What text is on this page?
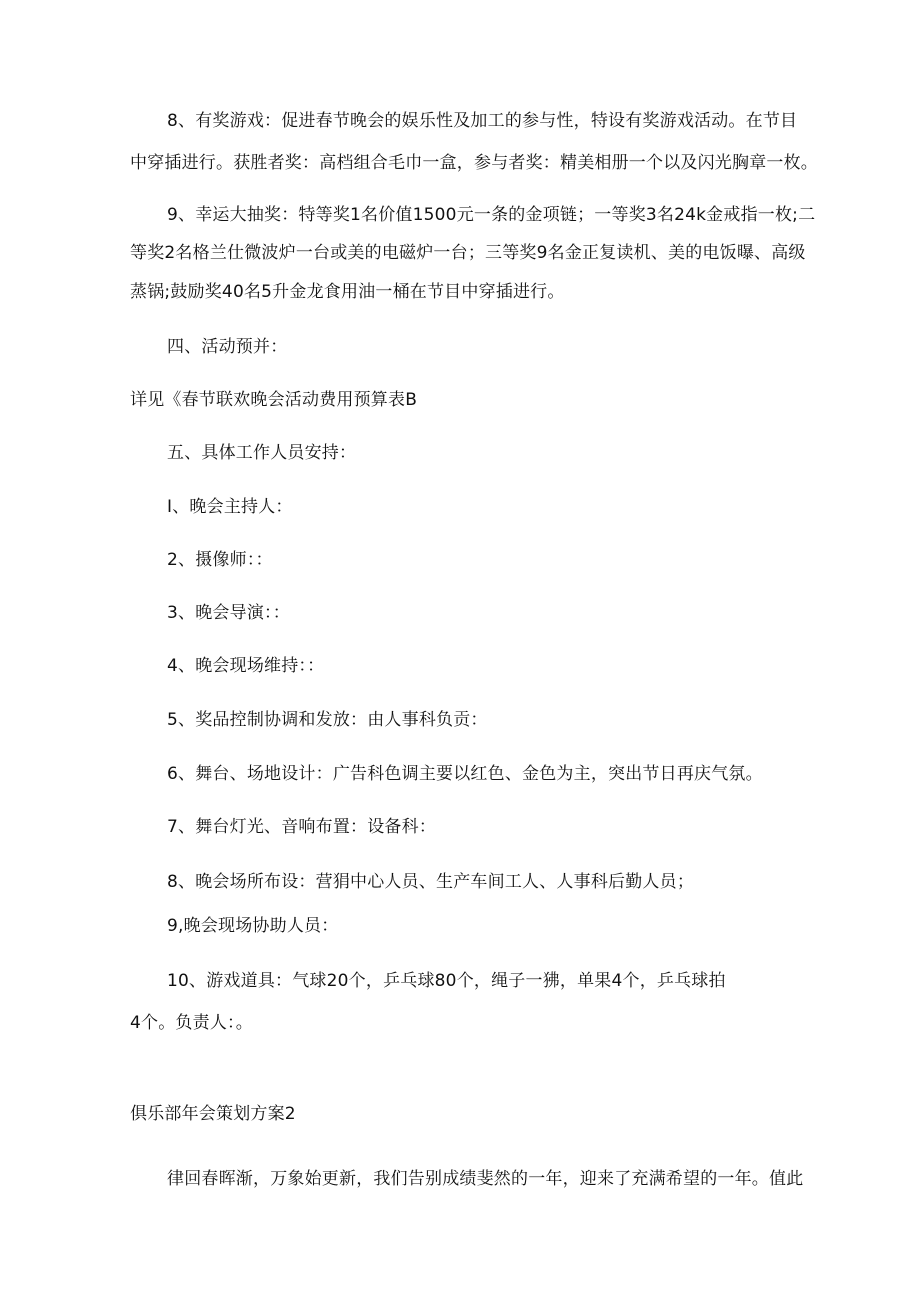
8、有奖游戏：促进春节晚会的娱乐性及加工的参与性，特设有奖游戏活动。在节目

中穿插进行。获胜者奖：高档组合毛巾一盒，参与者奖：精美相册一个以及闪光胸章一枚。

9、幸运大抽奖：特等奖1名价值1500元一条的金项链；一等奖3名24k金戒指一枚;二

等奖2名格兰仕微波炉一台或美的电磁炉一台；三等奖9名金正复读机、美的电饭曝、高级

蒸锅;鼓励奖40名5升金龙食用油一桶在节目中穿插进行。

四、活动预并：

详见《春节联欢晚会活动费用预算表B

五、具体工作人员安持：

I、晚会主持人：

2、摄像师：：

3、晚会导演：：

4、晚会现场维持：：

5、奖品控制协调和发放：由人事科负贡：

6、舞台、场地设计：广告科色调主要以红色、金色为主，突出节日再庆气氛。

7、舞台灯光、音响布置：设备科：

8、晚会场所布设：营狷中心人员、生产车间工人、人事科后勤人员；

9,晚会现场协助人员：

10、游戏道具：气球20个，乒乓球80个，绳子一狒，单果4个，乒乓球拍

4个。负责人：。

俱乐部年会策划方案2

律回春晖渐，万象始更新，我们告别成绩斐然的一年，迎来了充满希望的一年。值此
